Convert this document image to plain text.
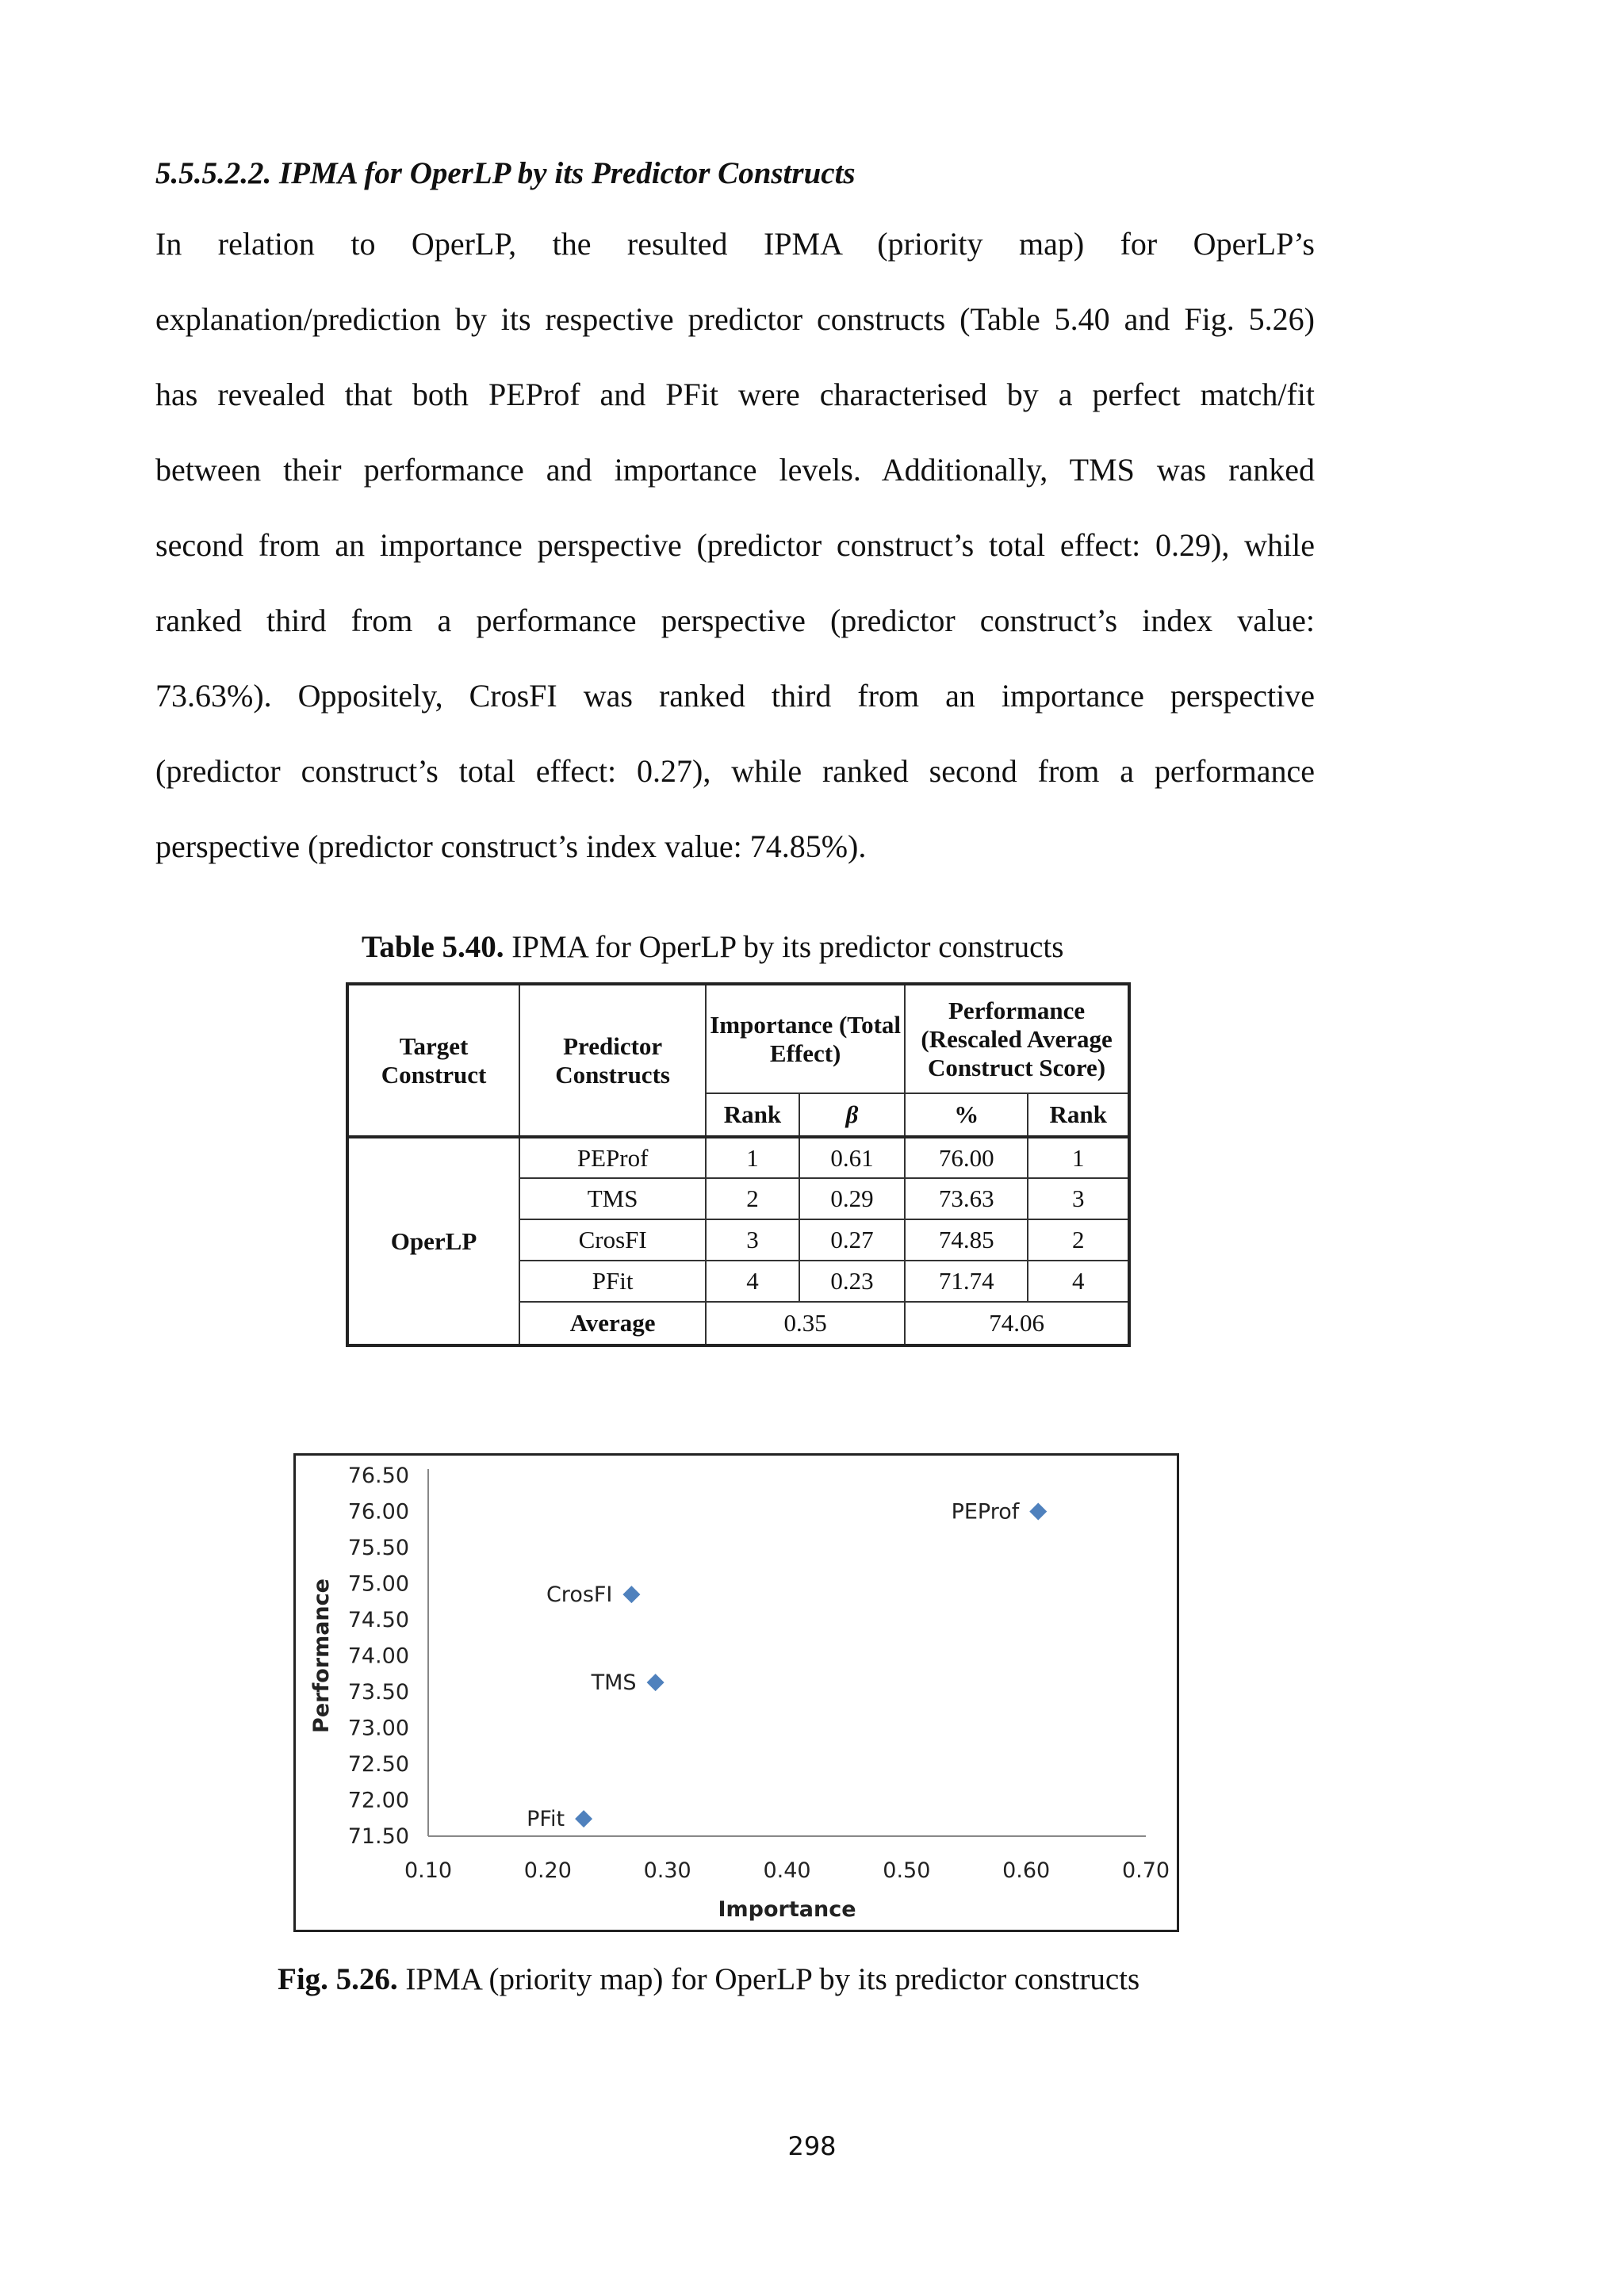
5.5.5.2.2. IPMA for OperLP by its Predictor Constructs

In relation to OperLP, the resulted IPMA (priority map) for OperLP’s
explanation/prediction by its respective predictor constructs (Table 5.40 and Fig. 5.26)
has revealed that both PEProf and PFit were characterised by a perfect match/fit
between their performance and importance levels. Additionally, TMS was ranked
second from an importance perspective (predictor construct’s total effect: 0.29), while
ranked third from a performance perspective (predictor construct’s index value:
73.63%). Oppositely, CrosFI was ranked third from an importance perspective
(predictor construct’s total effect: 0.27), while ranked second from a performance
perspective (predictor construct’s index value: 74.85%).

Table 5.40. IPMA for OperLP by its predictor constructs
Target Construct	Predictor Constructs	Importance (Total Effect)		Performance (Rescaled Average Construct Score)	
		Rank	β	%	Rank
OperLP	PEProf	1	0.61	76.00	1
	TMS	2	0.29	73.63	3
	CrosFI	3	0.27	74.85	2
	PFit	4	0.23	71.74	4
	Average	0.35		74.06	
76.50
76.00
75.50
75.00
74.50
74.00
73.50
73.00
72.50
72.00
71.50
0.10	0.20	0.30	0.40	0.50	0.60	0.70
Importance
Performance
PEProf
TMS
CrosFI
PFit
Fig. 5.26. IPMA (priority map) for OperLP by its predictor constructs
298
